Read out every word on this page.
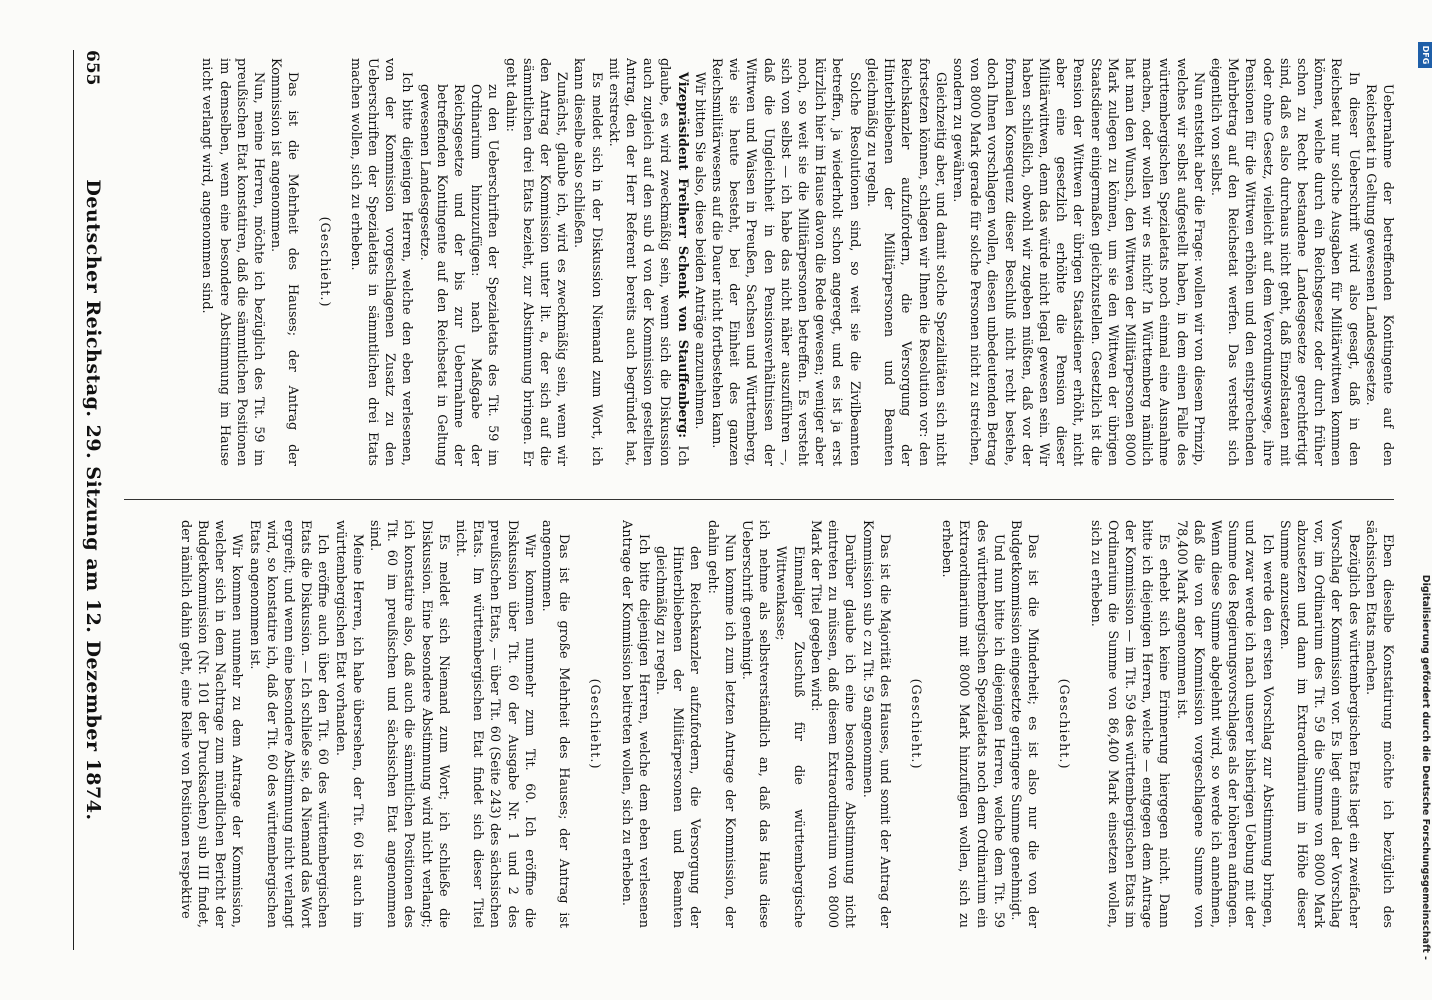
DFG
Digitalisierung gefördert durch die Deutsche Forschungsgemeinschaft -
655
Deutscher Reichstag. 29. Sitzung am 12. Dezember 1874.	Uebernahme der betreffenden Kontingente auf den Reichsetat in Geltung gewesenen Landesgesetze.

In dieser Ueberschrift wird also gesagt, daß in den Reichsetat nur solche Ausgaben für Militärwittwen kommen können, welche durch ein Reichsgesetz oder durch früher schon zu Recht bestandene Landesgesetze gerechtfertigt sind, daß es also durchaus nicht geht, daß Einzelstaaten mit oder ohne Gesetz, vielleicht auf dem Verordnungswege, ihre Pensionen für die Wittwen erhöhen und den entsprechenden Mehrbetrag auf den Reichsetat werfen. Das versteht sich eigentlich von selbst.

Nun entsteht aber die Frage: wollen wir von diesem Prinzip, welches wir selbst aufgestellt haben, in dem einen Falle des württembergischen Spezialetats noch einmal eine Ausnahme machen, oder wollen wir es nicht? In Württemberg nämlich hat man den Wunsch, den Wittwen der Militärpersonen 8000 Mark zulegen zu können, um sie den Wittwen der übrigen Staatsdiener einigermaßen gleichzustellen. Gesetzlich ist die Pension der Wittwen der übrigen Staatsdiener erhöht, nicht aber eine gesetzlich erhöhte die Pension dieser Militärwittwen, denn das würde nicht legal gewesen sein. Wir haben schließlich, obwohl wir zugeben müßten, daß vor der formalen Konsequenz dieser Beschluß nicht recht bestehe, doch Ihnen vorschlagen wollen, diesen unbedeutenden Betrag von 8000 Mark gerade für solche Personen nicht zu streichen, sondern zu gewähren.

Gleichzeitig aber, und damit solche Spezialitäten sich nicht fortsetzen können, schlagen wir Ihnen die Resolution vor: den Reichskanzler aufzufordern, die Versorgung der Hinterbliebenen der Militärpersonen und Beamten gleichmäßig zu regeln.

Solche Resolutionen sind, so weit sie die Zivilbeamten betreffen, ja wiederholt schon angeregt, und es ist ja erst kürzlich hier im Hause davon die Rede gewesen; weniger aber noch, so weit sie die Militärpersonen betreffen. Es versteht sich von selbst — ich habe das nicht näher auszuführen —, daß die Ungleichheit in den Pensionsverhältnissen der Wittwen und Waisen in Preußen, Sachsen und Württemberg, wie sie heute besteht, bei der Einheit des ganzen Reichsmilitärwesens auf die Dauer nicht fortbestehen kann.

Wir bitten Sie also, diese beiden Anträge anzunehmen.

Vizepräsident Freiherr Schenk von Stauffenberg: Ich glaube, es wird zweckmäßig sein, wenn sich die Diskussion auch zugleich auf den sub d von der Kommission gestellten Antrag, den der Herr Referent bereits auch begründet hat, mit erstreckt.

Es meldet sich in der Diskussion Niemand zum Wort, ich kann dieselbe also schließen.

Zunächst, glaube ich, wird es zweckmäßig sein, wenn wir den Antrag der Kommission unter lit. a, der sich auf die sämmtlichen drei Etats bezieht, zur Abstimmung bringen. Er geht dahin:

zu den Ueberschriften der Spezialetats des Tit. 59 im Ordinarium hinzuzufügen: nach Maßgabe der Reichsgesetze und der bis zur Uebernahme der betreffenden Kontingente auf den Reichsetat in Geltung gewesenen Landesgesetze.

Ich bitte diejenigen Herren, welche den eben verlesenen, von der Kommission vorgeschlagenen Zusatz zu den Ueberschriften der Spezialetats in sämmtlichen drei Etats machen wollen, sich zu erheben.

(Geschieht.)

Das ist die Mehrheit des Hauses; der Antrag der Kommission ist angenommen.

Nun, meine Herren, möchte ich bezüglich des Tit. 59 im preußischen Etat konstatiren, daß die sämmtlichen Positionen im demselben, wenn eine besondere Abstimmung im Hause nicht verlangt wird, angenommen sind.

Eben dieselbe Konstatirung möchte ich bezüglich des sächsischen Etats machen.

Bezüglich des württembergischen Etats liegt ein zweifacher Vorschlag der Kommission vor. Es liegt einmal der Vorschlag vor, im Ordinarium des Tit. 59 die Summe von 8000 Mark abzusetzen und dann im Extraordinarium in Höhe dieser Summe anzusetzen.

Ich werde den ersten Vorschlag zur Abstimmung bringen, und zwar werde ich nach unserer bisherigen Uebung mit der Summe des Regierungsvorschlages als der höheren anfangen. Wenn diese Summe abgelehnt wird, so werde ich annehmen, daß die von der Kommission vorgeschlagene Summe von 78,400 Mark angenommen ist.

Es erhebt sich keine Erinnerung hiergegen nicht. Dann bitte ich diejenigen Herren, welche — entgegen dem Antrage der Kommission — im Tit. 59 des württembergischen Etats im Ordinarium die Summe von 86,400 Mark einsetzen wollen, sich zu erheben.

(Geschieht.)

Das ist die Minderheit; es ist also nur die von der Budgetkommission eingesetzte geringere Summe genehmigt.

Und nun bitte ich diejenigen Herren, welche dem Tit. 59 des württembergischen Spezialetats noch dem Ordinarium ein Extraordinarium mit 8000 Mark hinzufügen wollen, sich zu erheben.

(Geschieht.)

Das ist die Majorität des Hauses, und somit der Antrag der Kommission sub c zu Tit. 59 angenommen.

Darüber glaube ich eine besondere Abstimmung nicht eintreten zu müssen, daß diesem Extraordinarium von 8000 Mark der Titel gegeben wird:

Einmaliger Zuschuß für die württembergische Wittwenkasse;

ich nehme als selbstverständlich an, daß das Haus diese Ueberschrift genehmigt.

Nun komme ich zum letzten Antrage der Kommission, der dahin geht:

den Reichskanzler aufzufordern, die Versorgung der Hinterbliebenen der Militärpersonen und Beamten gleichmäßig zu regeln.

Ich bitte diejenigen Herren, welche dem eben verlesenen Antrage der Kommission beitreten wollen, sich zu erheben.

(Geschieht.)

Das ist die große Mehrheit des Hauses; der Antrag ist angenommen.

Wir kommen nunmehr zum Tit. 60. Ich eröffne die Diskussion über Tit. 60 der Ausgabe Nr. 1 und 2 des preußischen Etats, — über Tit. 60 (Seite 243) des sächsischen Etats. Im württembergischen Etat findet sich dieser Titel nicht.

Es meldet sich Niemand zum Wort; ich schließe die Diskussion. Eine besondere Abstimmung wird nicht verlangt; ich konstatire also, daß auch die sämmtlichen Positionen des Tit. 60 im preußischen und sächsischen Etat angenommen sind.

Meine Herren, ich habe übersehen, der Tit. 60 ist auch im württembergischen Etat vorhanden.

Ich eröffne auch über den Tit. 60 des württembergischen Etats die Diskussion. — Ich schließe sie, da Niemand das Wort ergreift; und wenn eine besondere Abstimmung nicht verlangt wird, so konstatire ich, daß der Tit. 60 des württembergischen Etats angenommen ist.

Wir kommen nunmehr zu dem Antrage der Kommission, welcher sich in dem Nachtrage zum mündlichen Bericht der Budgetkommission (Nr. 101 der Drucksachen) sub III findet, der nämlich dahin geht, eine Reihe von Positionen respektive
